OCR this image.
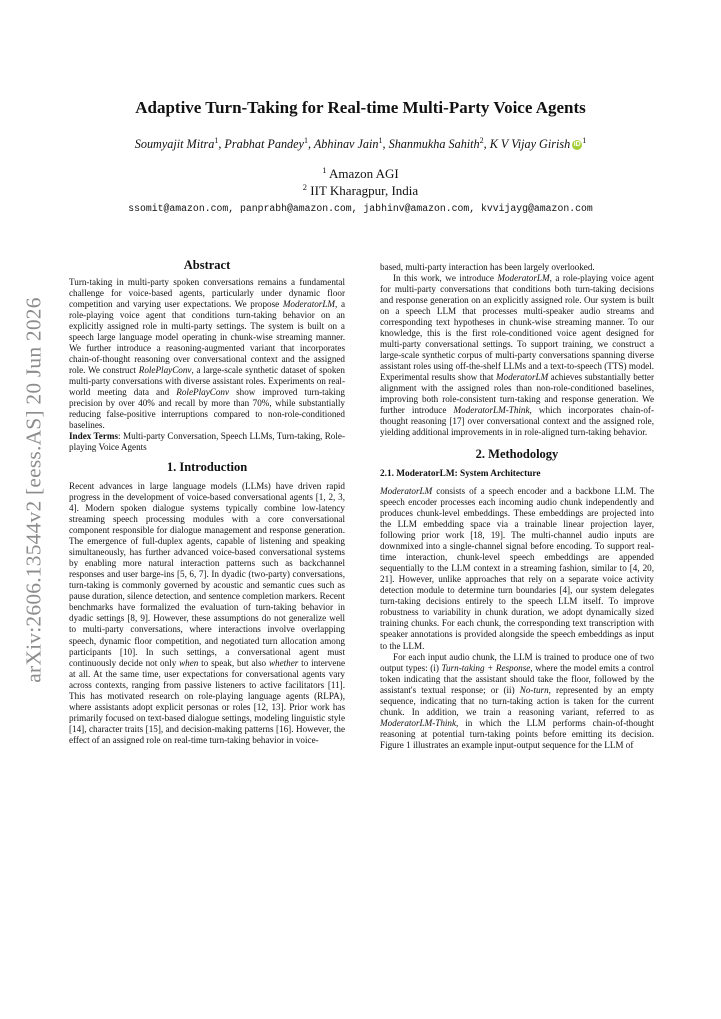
arXiv:2606.13544v2 [eess.AS] 20 Jun 2026
Adaptive Turn-Taking for Real-time Multi-Party Voice Agents
Soumyajit Mitra$^1$, Prabhat Pandey$^1$, Abhinav Jain$^1$, Shanmukha Sahith$^2$, K V Vijay Girish iD $^1$
$^1$ Amazon AGI
$^2$ IIT Kharagpur, India
ssomit@amazon.com, panprabh@amazon.com, jabhinv@amazon.com, kvvijayg@amazon.com
Abstract

Turn-taking in multi-party spoken conversations remains a fundamental challenge for voice-based agents, particularly under dynamic floor competition and varying user expectations. We propose ModeratorLM, a role-playing voice agent that conditions turn-taking behavior on an explicitly assigned role in multi-party settings. The system is built on a speech large language model operating in chunk-wise streaming manner. We further introduce a reasoning-augmented variant that incorporates chain-of-thought reasoning over conversational context and the assigned role. We construct RolePlayConv, a large-scale synthetic dataset of spoken multi-party conversations with diverse assistant roles. Experiments on real-world meeting data and RolePlayConv show improved turn-taking precision by over 40% and recall by more than 70%, while substantially reducing false-positive interruptions compared to non-role-conditioned baselines.

Index Terms: Multi-party Conversation, Speech LLMs, Turn-taking, Role-playing Voice Agents

1. Introduction

Recent advances in large language models (LLMs) have driven rapid progress in the development of voice-based conversational agents [1, 2, 3, 4]. Modern spoken dialogue systems typically combine low-latency streaming speech processing modules with a core conversational component responsible for dialogue management and response generation. The emergence of full-duplex agents, capable of listening and speaking simultaneously, has further advanced voice-based conversational systems by enabling more natural interaction patterns such as backchannel responses and user barge-ins [5, 6, 7]. In dyadic (two-party) conversations, turn-taking is commonly governed by acoustic and semantic cues such as pause duration, silence detection, and sentence completion markers. Recent benchmarks have formalized the evaluation of turn-taking behavior in dyadic settings [8, 9]. However, these assumptions do not generalize well to multi-party conversations, where interactions involve overlapping speech, dynamic floor competition, and negotiated turn allocation among participants [10]. In such settings, a conversational agent must continuously decide not only when to speak, but also whether to intervene at all. At the same time, user expectations for conversational agents vary across contexts, ranging from passive listeners to active facilitators [11]. This has motivated research on role-playing language agents (RLPA), where assistants adopt explicit personas or roles [12, 13]. Prior work has primarily focused on text-based dialogue settings, modeling linguistic style [14], character traits [15], and decision-making patterns [16]. However, the effect of an assigned role on real-time turn-taking behavior in voice-

based, multi-party interaction has been largely overlooked.

In this work, we introduce ModeratorLM, a role-playing voice agent for multi-party conversations that conditions both turn-taking decisions and response generation on an explicitly assigned role. Our system is built on a speech LLM that processes multi-speaker audio streams and corresponding text hypotheses in chunk-wise streaming manner. To our knowledge, this is the first role-conditioned voice agent designed for multi-party conversational settings. To support training, we construct a large-scale synthetic corpus of multi-party conversations spanning diverse assistant roles using off-the-shelf LLMs and a text-to-speech (TTS) model. Experimental results show that ModeratorLM achieves substantially better alignment with the assigned roles than non-role-conditioned baselines, improving both role-consistent turn-taking and response generation. We further introduce ModeratorLM-Think, which incorporates chain-of-thought reasoning [17] over conversational context and the assigned role, yielding additional improvements in in role-aligned turn-taking behavior.

2. Methodology
2.1. ModeratorLM: System Architecture

ModeratorLM consists of a speech encoder and a backbone LLM. The speech encoder processes each incoming audio chunk independently and produces chunk-level embeddings. These embeddings are projected into the LLM embedding space via a trainable linear projection layer, following prior work [18, 19]. The multi-channel audio inputs are downmixed into a single-channel signal before encoding. To support real-time interaction, chunk-level speech embeddings are appended sequentially to the LLM context in a streaming fashion, similar to [4, 20, 21]. However, unlike approaches that rely on a separate voice activity detection module to determine turn boundaries [4], our system delegates turn-taking decisions entirely to the speech LLM itself. To improve robustness to variability in chunk duration, we adopt dynamically sized training chunks. For each chunk, the corresponding text transcription with speaker annotations is provided alongside the speech embeddings as input to the LLM.

For each input audio chunk, the LLM is trained to produce one of two output types: (i) Turn-taking + Response, where the model emits a control token indicating that the assistant should take the floor, followed by the assistant's textual response; or (ii) No-turn, represented by an empty sequence, indicating that no turn-taking action is taken for the current chunk. In addition, we train a reasoning variant, referred to as ModeratorLM-Think, in which the LLM performs chain-of-thought reasoning at potential turn-taking points before emitting its decision. Figure 1 illustrates an example input-output sequence for the LLM of
